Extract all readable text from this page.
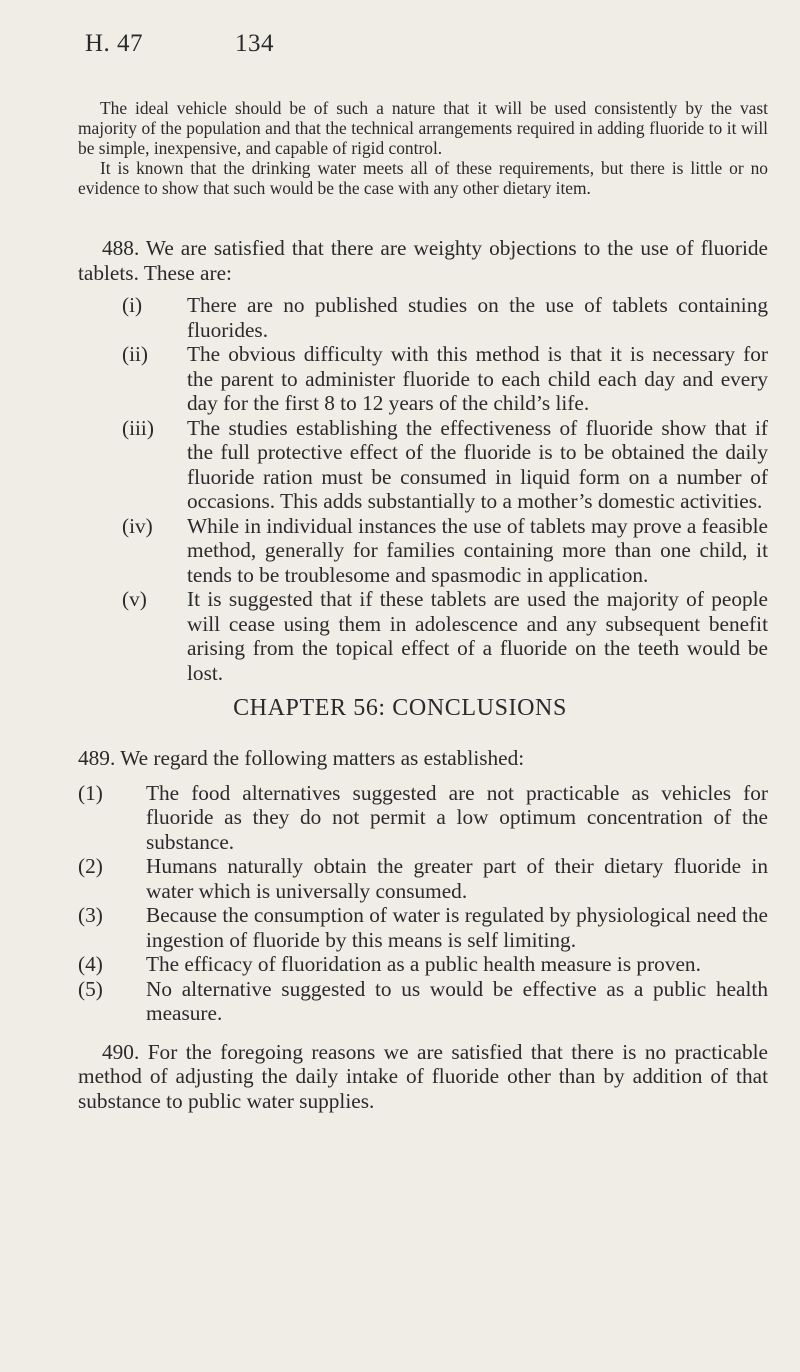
H. 47	134

The ideal vehicle should be of such a nature that it will be used consistently by the vast majority of the population and that the technical arrangements required in adding fluoride to it will be simple, inexpensive, and capable of rigid control.

It is known that the drinking water meets all of these requirements, but there is little or no evidence to show that such would be the case with any other dietary item.

488. We are satisfied that there are weighty objections to the use of fluoride tablets. These are:

(i) There are no published studies on the use of tablets containing fluorides.
(ii) The obvious difficulty with this method is that it is necessary for the parent to administer fluoride to each child each day and every day for the first 8 to 12 years of the child’s life.
(iii) The studies establishing the effectiveness of fluoride show that if the full protective effect of the fluoride is to be obtained the daily fluoride ration must be consumed in liquid form on a number of occasions. This adds substantially to a mother’s domestic activities.
(iv) While in individual instances the use of tablets may prove a feasible method, generally for families containing more than one child, it tends to be troublesome and spasmodic in application.
(v) It is suggested that if these tablets are used the majority of people will cease using them in adolescence and any subsequent benefit arising from the topical effect of a fluoride on the teeth would be lost.
CHAPTER 56: CONCLUSIONS

489. We regard the following matters as established:

(1) The food alternatives suggested are not practicable as vehicles for fluoride as they do not permit a low optimum concentration of the substance.
(2) Humans naturally obtain the greater part of their dietary fluoride in water which is universally consumed.
(3) Because the consumption of water is regulated by physiological need the ingestion of fluoride by this means is self limiting.
(4) The efficacy of fluoridation as a public health measure is proven.
(5) No alternative suggested to us would be effective as a public health measure.

490. For the foregoing reasons we are satisfied that there is no practicable method of adjusting the daily intake of fluoride other than by addition of that substance to public water supplies.
